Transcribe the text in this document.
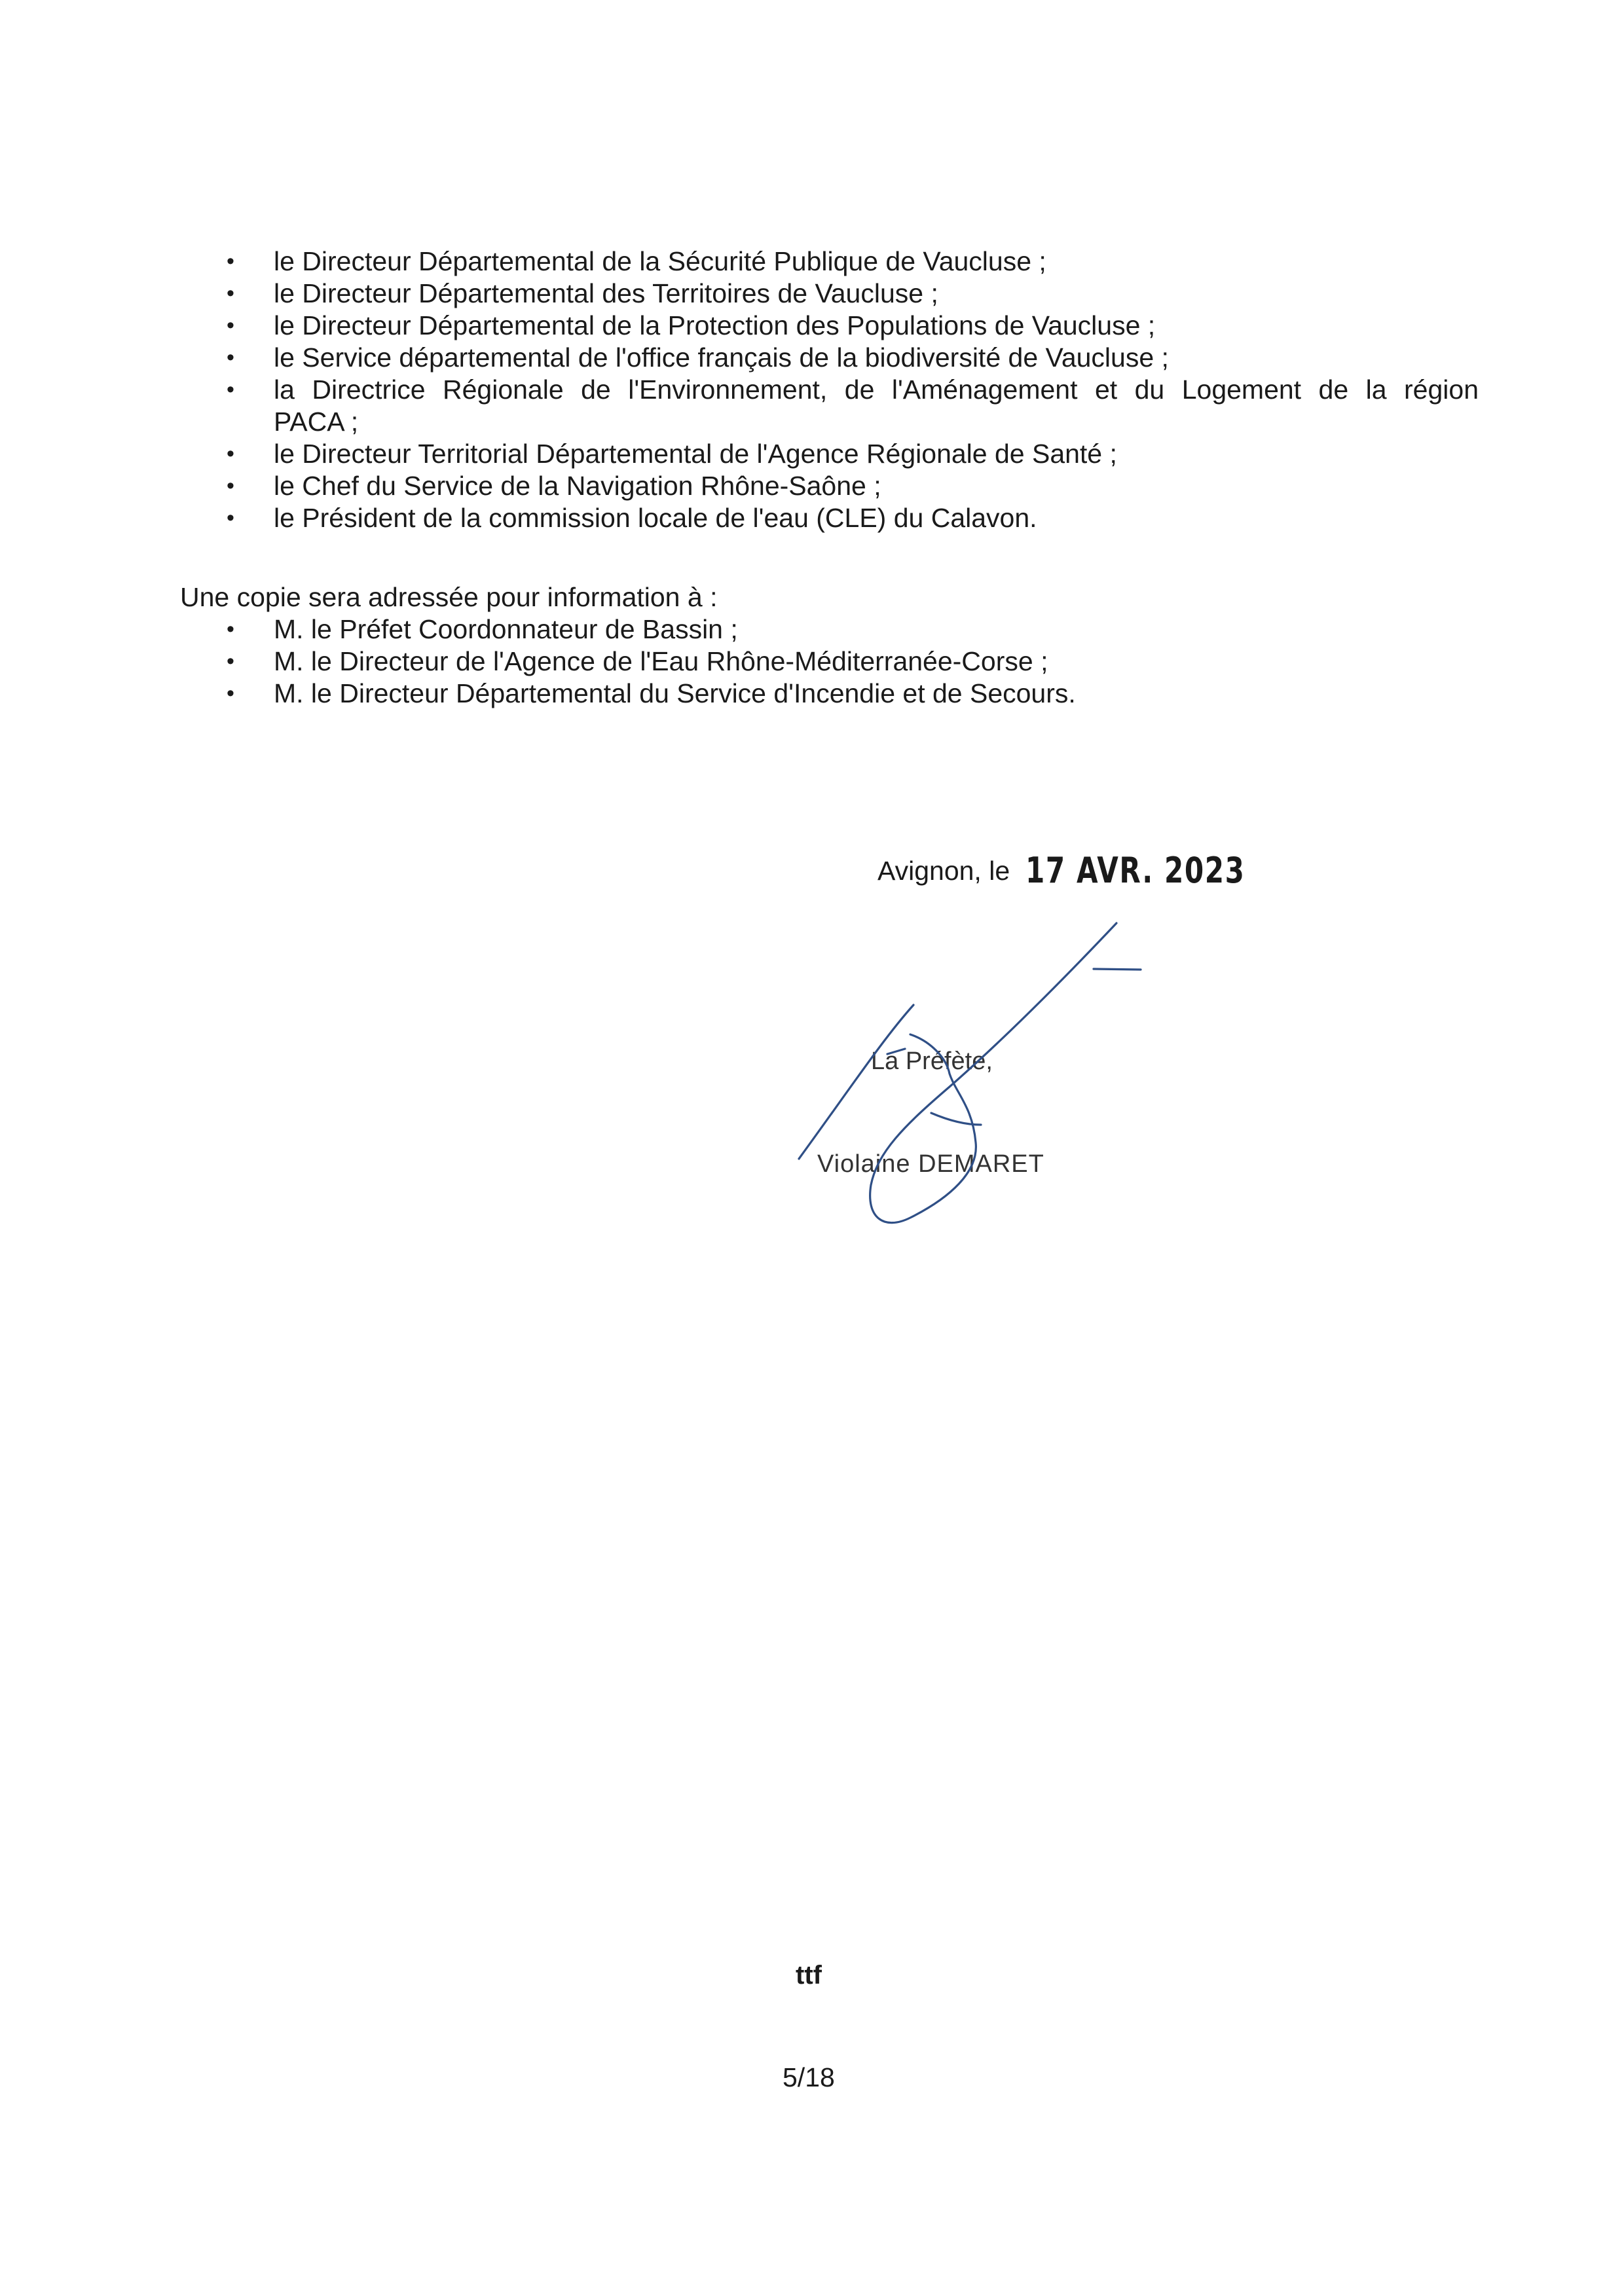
• le Directeur Départemental de la Sécurité Publique de Vaucluse ;
• le Directeur Départemental des Territoires de Vaucluse ;
• le Directeur Départemental de la Protection des Populations de Vaucluse ;
• le Service départemental de l'office français de la biodiversité de Vaucluse ;
• la Directrice Régionale de l'Environnement, de l'Aménagement et du Logement de la région
PACA ;
• le Directeur Territorial Départemental de l'Agence Régionale de Santé ;
• le Chef du Service de la Navigation Rhône-Saône ;
• le Président de la commission locale de l'eau (CLE) du Calavon.
Une copie sera adressée pour information à :
• M. le Préfet Coordonnateur de Bassin ;
• M. le Directeur de l'Agence de l'Eau Rhône-Méditerranée-Corse ;
• M. le Directeur Départemental du Service d'Incendie et de Secours.
Avignon, le 17 AVR. 2023
La Préfète,
Violaine DEMARET
ttf
5/18
